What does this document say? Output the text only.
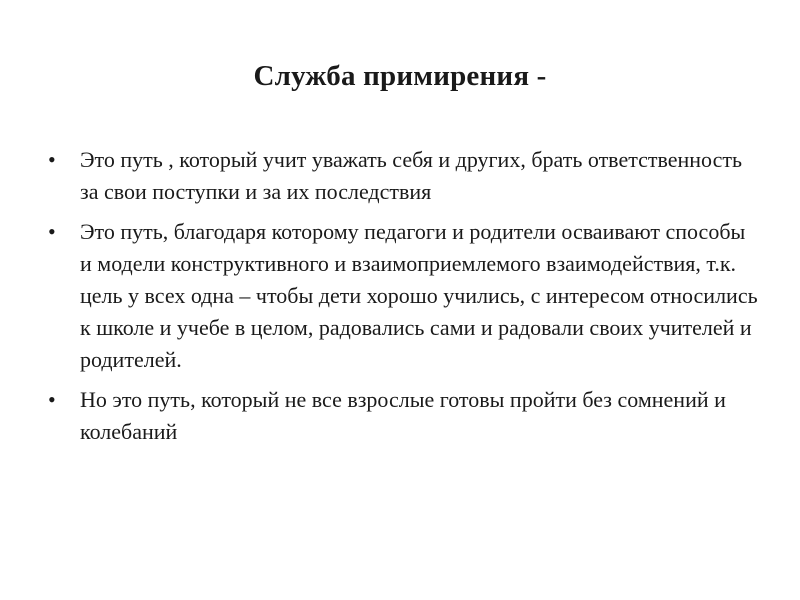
Служба примирения -
•	Это путь , который учит уважать себя и других, брать ответственность за свои поступки и за их последствия
•	Это путь, благодаря которому педагоги и родители осваивают способы и модели конструктивного и взаимоприемлемого взаимодействия, т.к. цель у всех одна – чтобы дети хорошо учились, с интересом относились к школе и учебе в целом, радовались сами и радовали своих учителей и родителей.
•	Но это путь, который не все взрослые готовы пройти без сомнений и колебаний
